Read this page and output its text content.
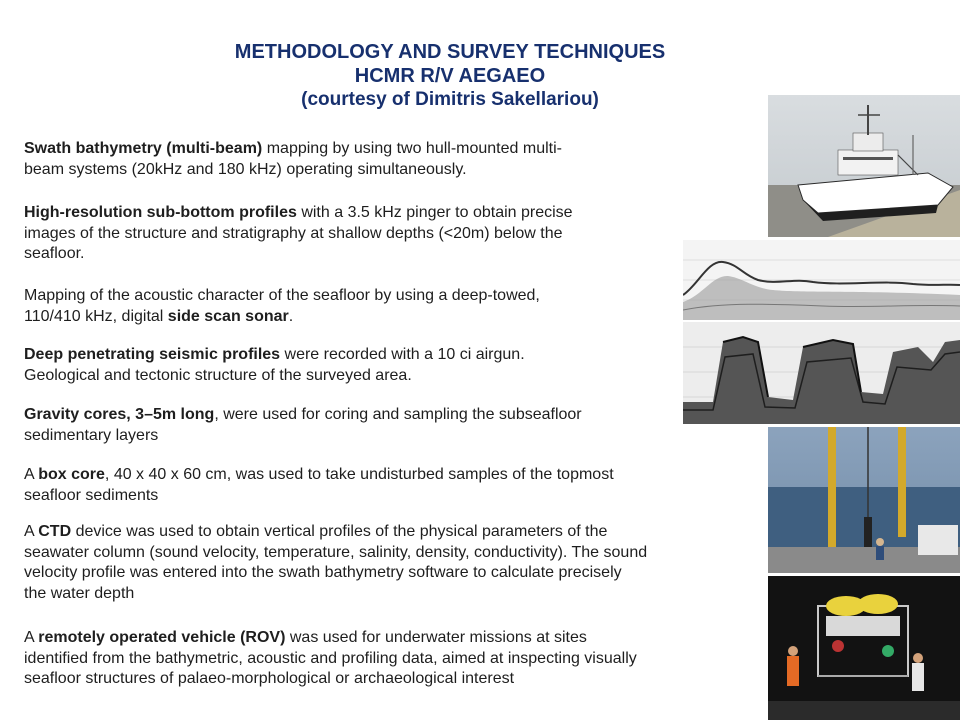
METHODOLOGY AND SURVEY TECHNIQUES
HCMR R/V AEGAEO
(courtesy of Dimitris Sakellariou)
Swath bathymetry (multi-beam) mapping by using two hull-mounted multi-
beam systems (20kHz and 180 kHz) operating simultaneously.
High-resolution sub-bottom profiles with a 3.5 kHz pinger to obtain precise
images of the structure and stratigraphy at shallow depths (<20m) below the
seafloor.
Mapping of the acoustic character of the seafloor by using a deep-towed,
110/410 kHz, digital side scan sonar.
Deep penetrating seismic profiles were recorded with a 10 ci airgun.
Geological and tectonic structure of the surveyed area.
Gravity cores, 3–5m long, were used for coring and sampling the subseafloor
sedimentary layers
A box core, 40 x 40 x 60 cm, was used to take undisturbed samples of the topmost
seafloor sediments
A CTD device was used to obtain vertical profiles of the physical parameters of the
seawater column (sound velocity, temperature, salinity, density, conductivity). The sound
velocity profile was entered into the swath bathymetry software to calculate precisely
the water depth
A remotely operated vehicle (ROV) was used for underwater missions at sites
identified from the bathymetric, acoustic and profiling data, aimed at inspecting visually
seafloor structures of palaeo-morphological or archaeological interest
